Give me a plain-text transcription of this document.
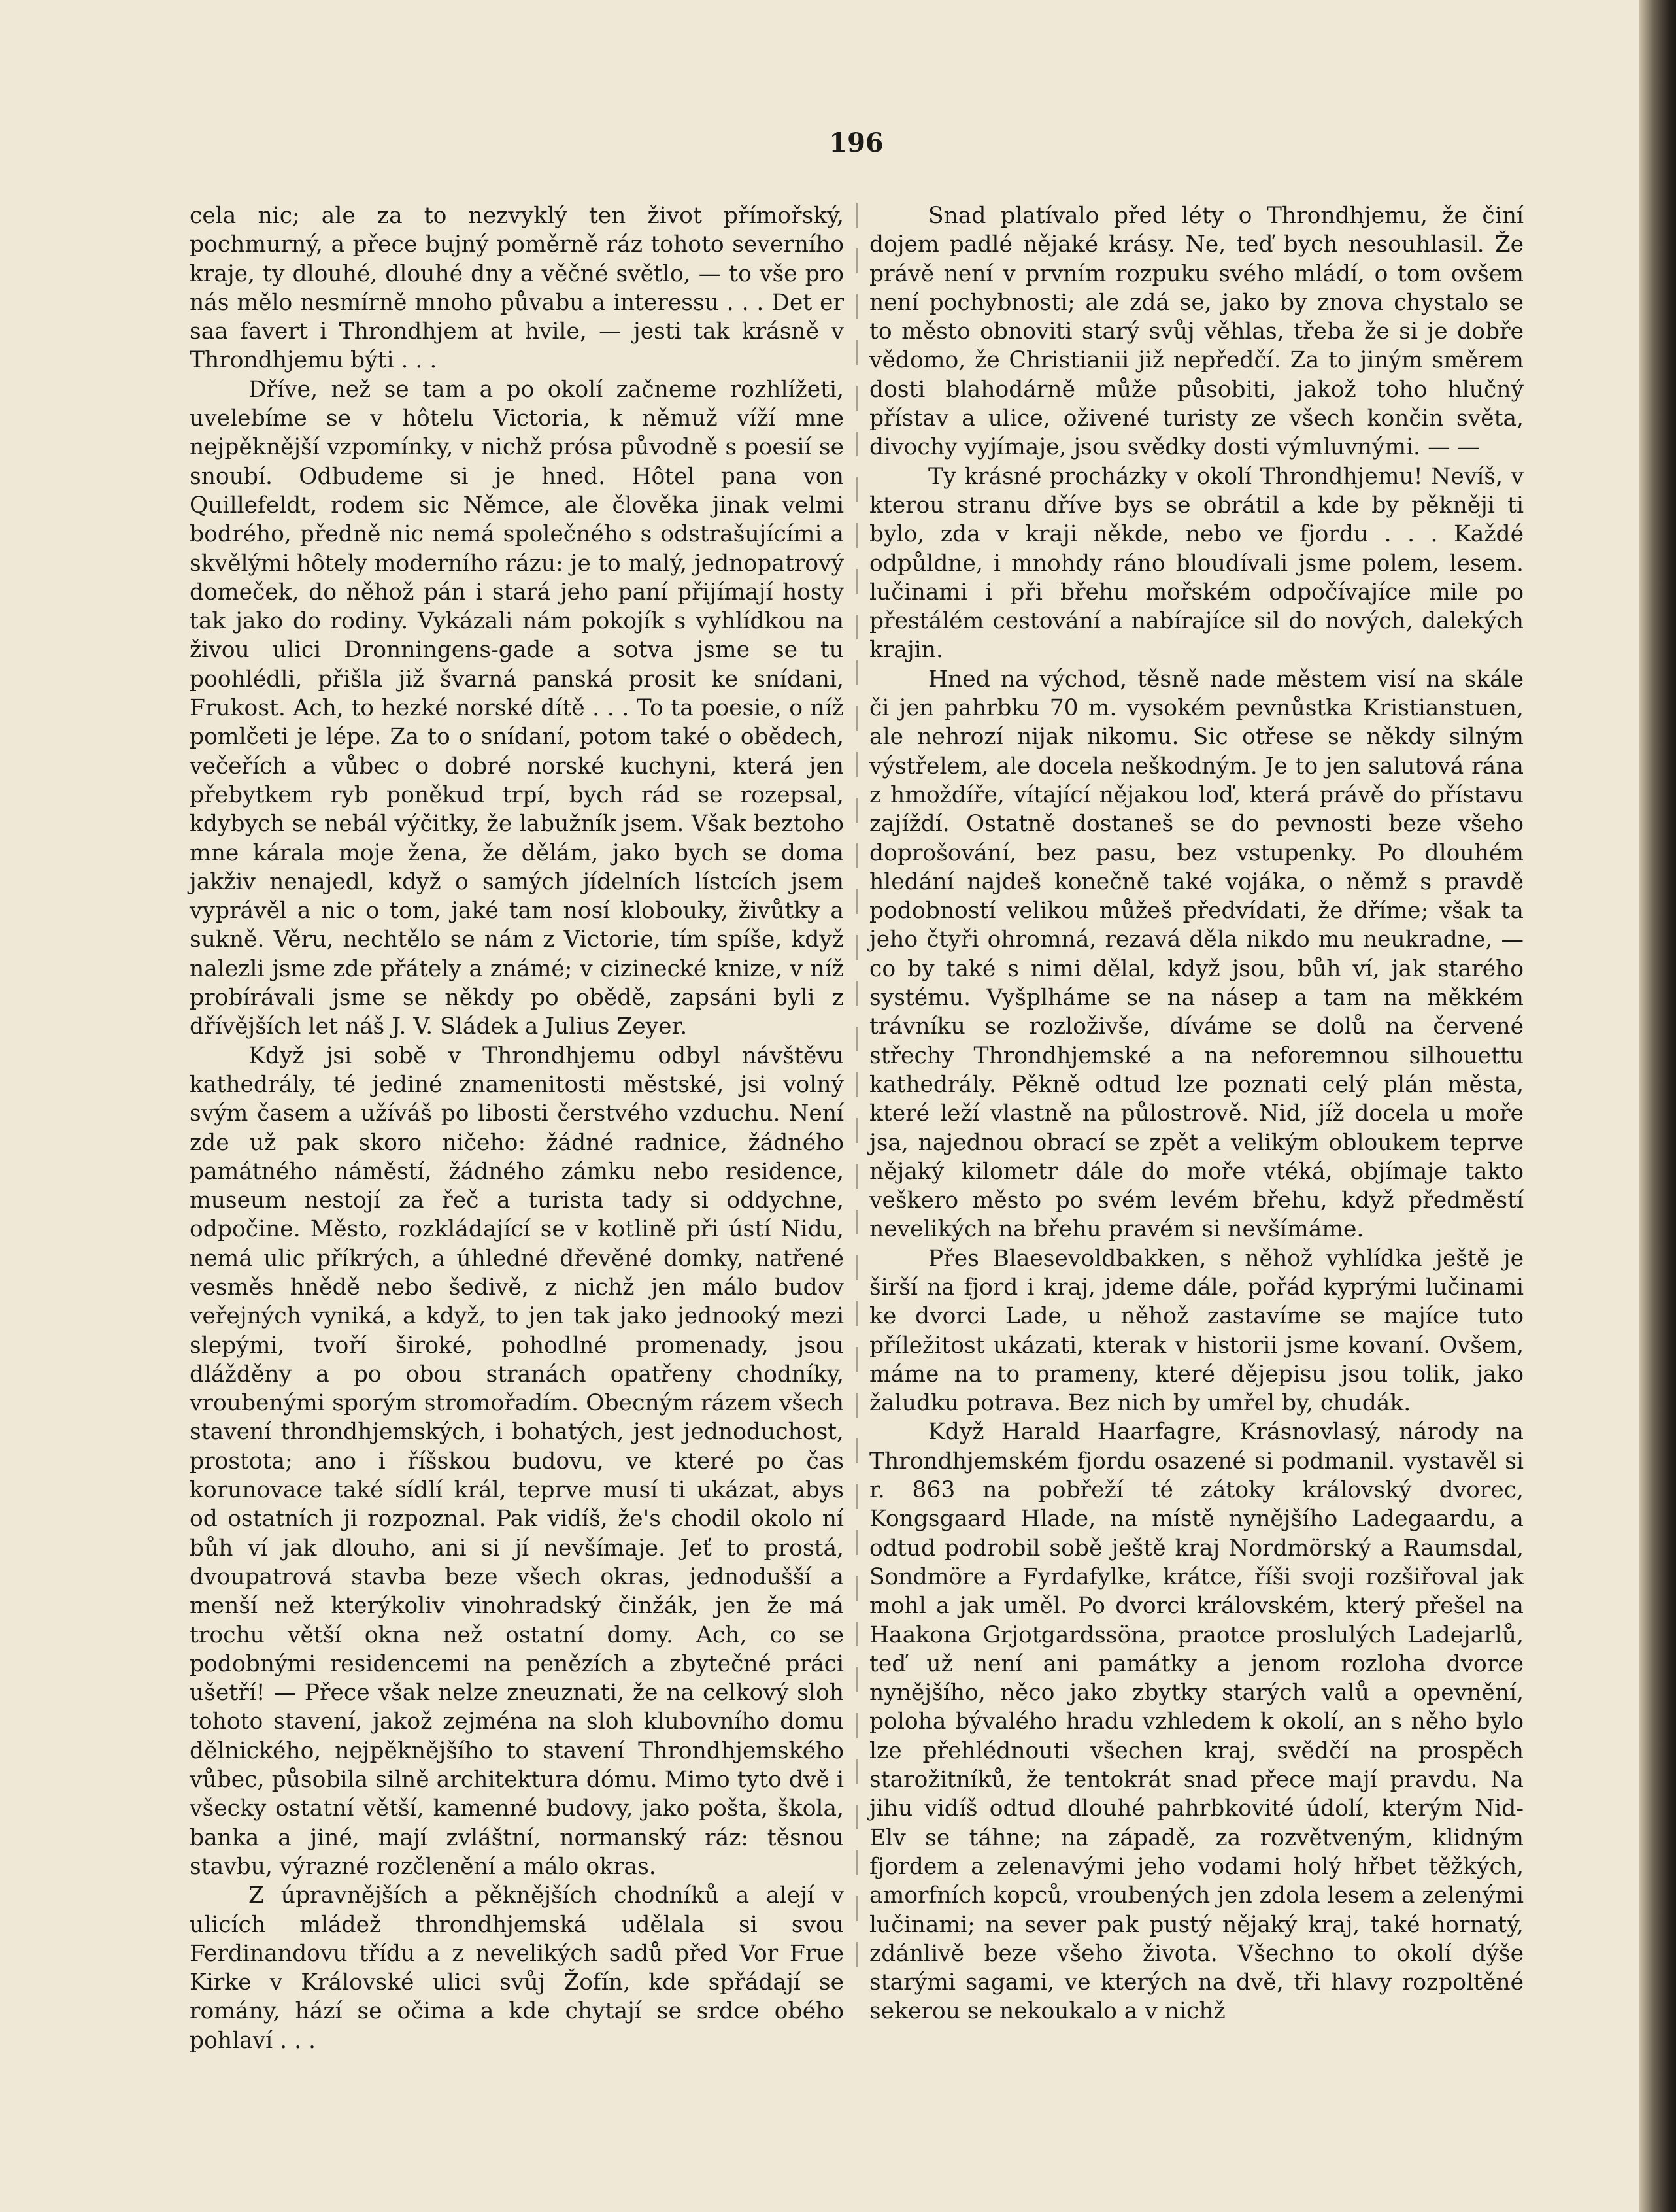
196

cela nic; ale za to nezvyklý ten život přímořský, pochmurný, a přece bujný poměrně ráz tohoto severního kraje, ty dlouhé, dlouhé dny a věčné světlo, — to vše pro nás mělo nesmírně mnoho půvabu a interessu . . . Det er saa favert i Throndhjem at hvile, — jesti tak krásně v Throndhjemu býti . . .

Dříve, než se tam a po okolí začneme rozhlížeti, uvelebíme se v hôtelu Victoria, k němuž víží mne nejpěknější vzpomínky, v nichž prósa původně s poesií se snoubí. Odbudeme si je hned. Hôtel pana von Quillefeldt, rodem sic Němce, ale člověka jinak velmi bodrého, předně nic nemá společného s odstrašujícími a skvělými hôtely moderního rázu: je to malý, jednopatrový domeček, do něhož pán i stará jeho paní přijímají hosty tak jako do rodiny. Vykázali nám pokojík s vyhlídkou na živou ulici Dronningens-gade a sotva jsme se tu poohlédli, přišla již švarná panská prosit ke snídani, Frukost. Ach, to hezké norské dítě . . . To ta poesie, o níž pomlčeti je lépe. Za to o snídaní, potom také o obědech, večeřích a vůbec o dobré norské kuchyni, která jen přebytkem ryb poněkud trpí, bych rád se rozepsal, kdybych se nebál výčitky, že labužník jsem. Však beztoho mne kárala moje žena, že dělám, jako bych se doma jakživ nenajedl, když o samých jídelních lístcích jsem vyprávěl a nic o tom, jaké tam nosí klobouky, živůtky a sukně. Věru, nechtělo se nám z Victorie, tím spíše, když nalezli jsme zde přátely a známé; v cizinecké knize, v níž probírávali jsme se někdy po obědě, zapsáni byli z dřívějších let náš J. V. Sládek a Julius Zeyer.

Když jsi sobě v Throndhjemu odbyl návštěvu kathedrály, té jediné znamenitosti městské, jsi volný svým časem a užíváš po libosti čerstvého vzduchu. Není zde už pak skoro ničeho: žádné radnice, žádného památného náměstí, žádného zámku nebo residence, museum nestojí za řeč a turista tady si oddychne, odpočine. Město, rozkládající se v kotlině při ústí Nidu, nemá ulic příkrých, a úhledné dřevěné domky, natřené vesměs hnědě nebo šedivě, z nichž jen málo budov veřejných vyniká, a když, to jen tak jako jednooký mezi slepými, tvoří široké, pohodlné promenady, jsou dlážděny a po obou stranách opatřeny chodníky, vroubenými sporým stromořadím. Obecným rázem všech stavení throndhjemských, i bohatých, jest jednoduchost, prostota; ano i říšskou budovu, ve které po čas korunovace také sídlí král, teprve musí ti ukázat, abys od ostatních ji rozpoznal. Pak vidíš, že's chodil okolo ní bůh ví jak dlouho, ani si jí nevšímaje. Jeť to prostá, dvoupatrová stavba beze všech okras, jednodušší a menší než kterýkoliv vinohradský činžák, jen že má trochu větší okna než ostatní domy. Ach, co se podobnými residencemi na penězích a zbytečné práci ušetří! — Přece však nelze zneuznati, že na celkový sloh tohoto stavení, jakož zejména na sloh klubovního domu dělnického, nejpěknějšího to stavení Throndhjemského vůbec, působila silně architektura dómu. Mimo tyto dvě i všecky ostatní větší, kamenné budovy, jako pošta, škola, banka a jiné, mají zvláštní, normanský ráz: těsnou stavbu, výrazné rozčlenění a málo okras.

Z úpravnějších a pěknějších chodníků a alejí v ulicích mládež throndhjemská udělala si svou Ferdinandovu třídu a z nevelikých sadů před Vor Frue Kirke v Královské ulici svůj Žofín, kde spřádají se romány, hází se očima a kde chytají se srdce obého pohlaví . . .

Snad platívalo před léty o Throndhjemu, že činí dojem padlé nějaké krásy. Ne, teď bych nesouhlasil. Že právě není v prvním rozpuku svého mládí, o tom ovšem není pochybnosti; ale zdá se, jako by znova chystalo se to město obnoviti starý svůj věhlas, třeba že si je dobře vědomo, že Christianii již nepředčí. Za to jiným směrem dosti blahodárně může působiti, jakož toho hlučný přístav a ulice, oživené turisty ze všech končin světa, divochy vyjímaje, jsou svědky dosti výmluvnými. — —

Ty krásné procházky v okolí Throndhjemu! Nevíš, v kterou stranu dříve bys se obrátil a kde by pěkněji ti bylo, zda v kraji někde, nebo ve fjordu . . . Každé odpůldne, i mnohdy ráno bloudívali jsme polem, lesem. lučinami i při břehu mořském odpočívajíce mile po přestálém cestování a nabírajíce sil do nových, dalekých krajin.

Hned na východ, těsně nade městem visí na skále či jen pahrbku 70 m. vysokém pevnůstka Kristianstuen, ale nehrozí nijak nikomu. Sic otřese se někdy silným výstřelem, ale docela neškodným. Je to jen salutová rána z hmoždíře, vítající nějakou loď, která právě do přístavu zajíždí. Ostatně dostaneš se do pevnosti beze všeho doprošování, bez pasu, bez vstupenky. Po dlouhém hledání najdeš konečně také vojáka, o němž s pravdě podobností velikou můžeš předvídati, že dříme; však ta jeho čtyři ohromná, rezavá děla nikdo mu neukradne, — co by také s nimi dělal, když jsou, bůh ví, jak starého systému. Vyšplháme se na násep a tam na měkkém trávníku se rozloživše, díváme se dolů na červené střechy Throndhjemské a na neforemnou silhouettu kathedrály. Pěkně odtud lze poznati celý plán města, které leží vlastně na půlostrově. Nid, jíž docela u moře jsa, najednou obrací se zpět a velikým obloukem teprve nějaký kilometr dále do moře vtéká, objímaje takto veškero město po svém levém břehu, když předměstí nevelikých na břehu pravém si nevšímáme.

Přes Blaesevoldbakken, s něhož vyhlídka ještě je širší na fjord i kraj, jdeme dále, pořád kyprými lučinami ke dvorci Lade, u něhož zastavíme se majíce tuto příležitost ukázati, kterak v historii jsme kovaní. Ovšem, máme na to prameny, které dějepisu jsou tolik, jako žaludku potrava. Bez nich by umřel by, chudák.

Když Harald Haarfagre, Krásnovlasý, národy na Throndhjemském fjordu osazené si podmanil. vystavěl si r. 863 na pobřeží té zátoky královský dvorec, Kongsgaard Hlade, na místě nynějšího Ladegaardu, a odtud podrobil sobě ještě kraj Nordmörský a Raumsdal, Sondmöre a Fyrdafylke, krátce, říši svoji rozšiřoval jak mohl a jak uměl. Po dvorci královském, který přešel na Haakona Grjotgardssöna, praotce proslulých Ladejarlů, teď už není ani památky a jenom rozloha dvorce nynějšího, něco jako zbytky starých valů a opevnění, poloha bývalého hradu vzhledem k okolí, an s něho bylo lze přehlédnouti všechen kraj, svědčí na prospěch starožitníků, že tentokrát snad přece mají pravdu. Na jihu vidíš odtud dlouhé pahrbkovité údolí, kterým Nid-Elv se táhne; na západě, za rozvětveným, klidným fjordem a zelenavými jeho vodami holý hřbet těžkých, amorfních kopců, vroubených jen zdola lesem a zelenými lučinami; na sever pak pustý nějaký kraj, také hornatý, zdánlivě beze všeho života. Všechno to okolí dýše starými sagami, ve kterých na dvě, tři hlavy rozpoltěné sekerou se nekoukalo a v nichž
